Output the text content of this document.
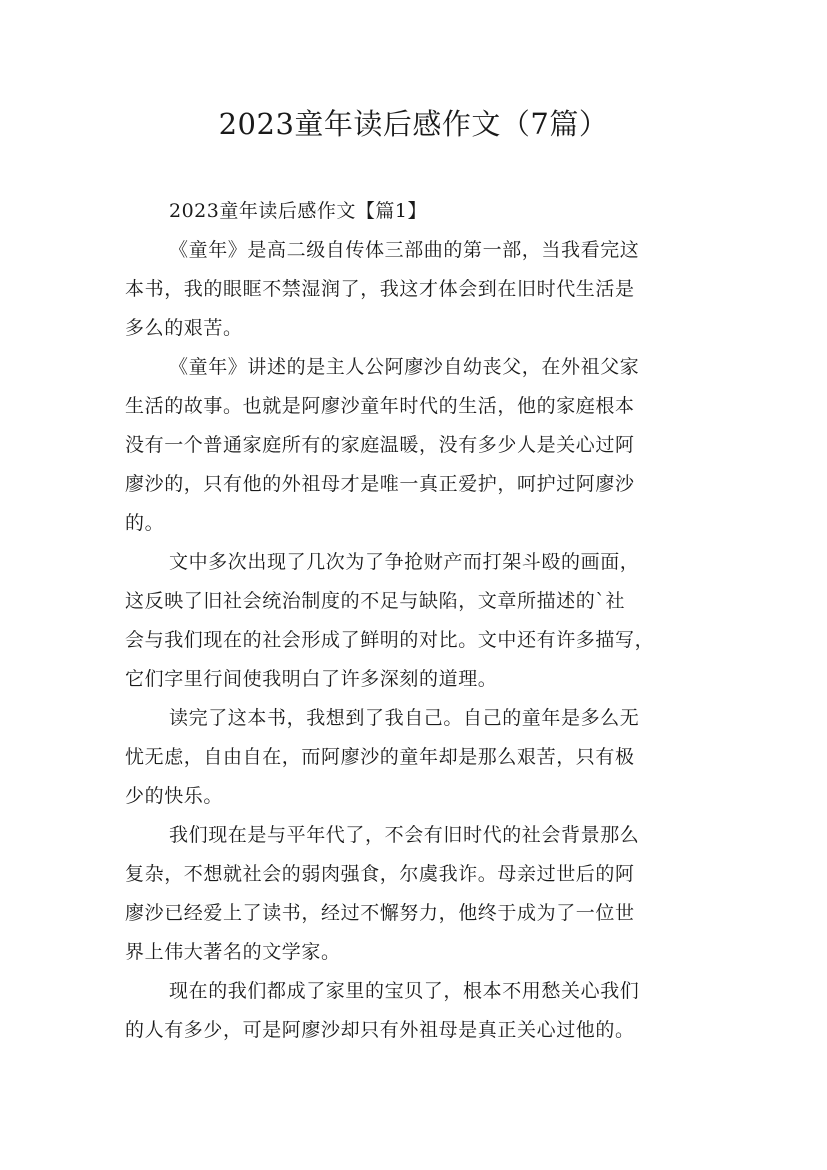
2023童年读后感作文（7篇）

2023童年读后感作文【篇1】

《童年》是高二级自传体三部曲的第一部，当我看完这
本书，我的眼眶不禁湿润了，我这才体会到在旧时代生活是
多么的艰苦。

《童年》讲述的是主人公阿廖沙自幼丧父，在外祖父家
生活的故事。也就是阿廖沙童年时代的生活，他的家庭根本
没有一个普通家庭所有的家庭温暖，没有多少人是关心过阿
廖沙的，只有他的外祖母才是唯一真正爱护，呵护过阿廖沙
的。

文中多次出现了几次为了争抢财产而打架斗殴的画面，
这反映了旧社会统治制度的不足与缺陷，文章所描述的`社
会与我们现在的社会形成了鲜明的对比。文中还有许多描写，
它们字里行间使我明白了许多深刻的道理。

读完了这本书，我想到了我自己。自己的童年是多么无
忧无虑，自由自在，而阿廖沙的童年却是那么艰苦，只有极
少的快乐。

我们现在是与平年代了，不会有旧时代的社会背景那么
复杂，不想就社会的弱肉强食，尔虞我诈。母亲过世后的阿
廖沙已经爱上了读书，经过不懈努力，他终于成为了一位世
界上伟大著名的文学家。

现在的我们都成了家里的宝贝了，根本不用愁关心我们
的人有多少，可是阿廖沙却只有外祖母是真正关心过他的。
